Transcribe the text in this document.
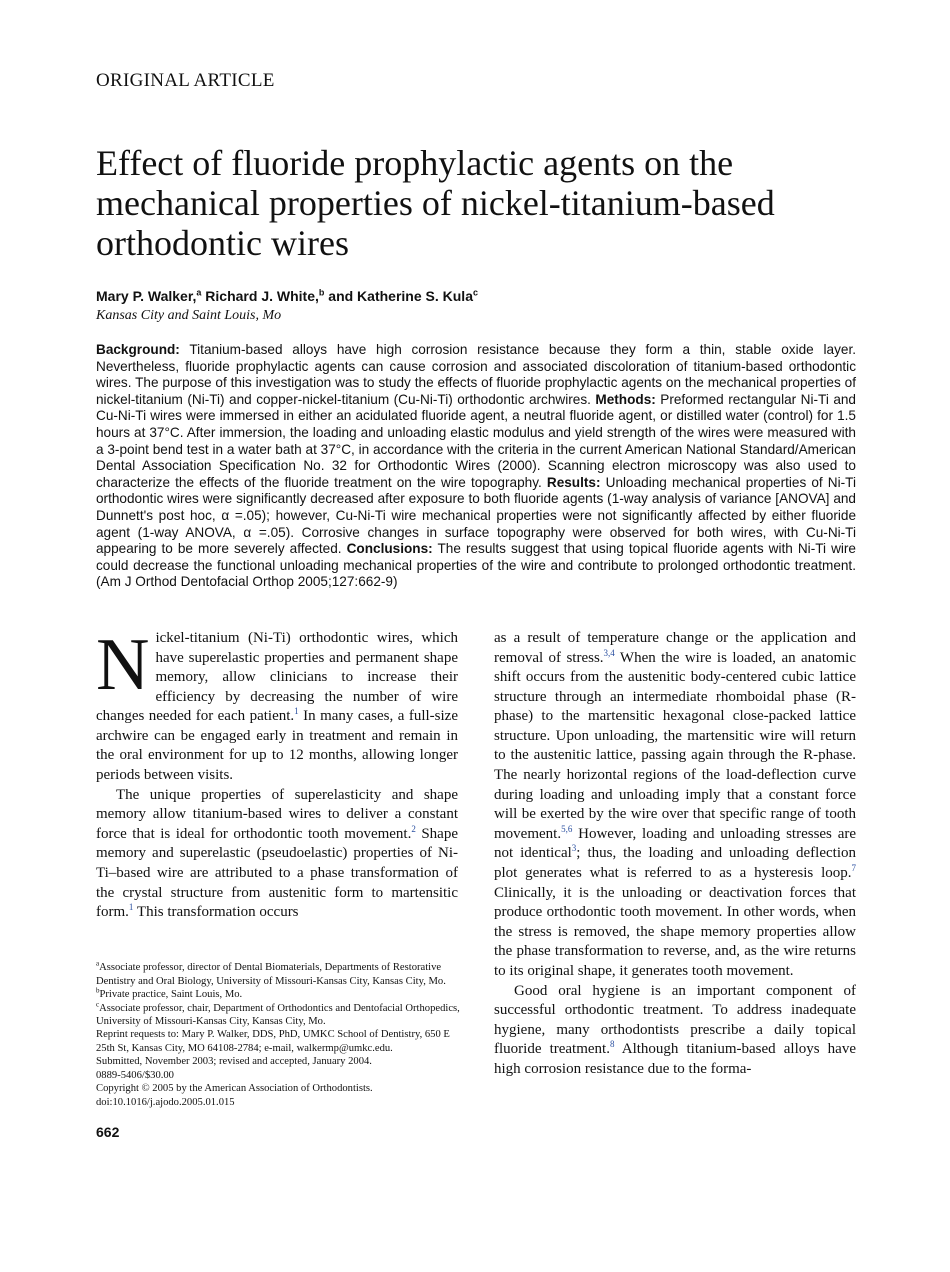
ORIGINAL ARTICLE
Effect of fluoride prophylactic agents on the mechanical properties of nickel-titanium-based orthodontic wires
Mary P. Walker,$^a$ Richard J. White,$^b$ and Katherine S. Kula$^c$
Kansas City and Saint Louis, Mo

Background: Titanium-based alloys have high corrosion resistance because they form a thin, stable oxide layer. Nevertheless, fluoride prophylactic agents can cause corrosion and associated discoloration of titanium-based orthodontic wires. The purpose of this investigation was to study the effects of fluoride prophylactic agents on the mechanical properties of nickel-titanium (Ni-Ti) and copper-nickel-titanium (Cu-Ni-Ti) orthodontic archwires. Methods: Preformed rectangular Ni-Ti and Cu-Ni-Ti wires were immersed in either an acidulated fluoride agent, a neutral fluoride agent, or distilled water (control) for 1.5 hours at 37°C. After immersion, the loading and unloading elastic modulus and yield strength of the wires were measured with a 3-point bend test in a water bath at 37°C, in accordance with the criteria in the current American National Standard/American Dental Association Specification No. 32 for Orthodontic Wires (2000). Scanning electron microscopy was also used to characterize the effects of the fluoride treatment on the wire topography. Results: Unloading mechanical properties of Ni-Ti orthodontic wires were significantly decreased after exposure to both fluoride agents (1-way analysis of variance [ANOVA] and Dunnett's post hoc, α =.05); however, Cu-Ni-Ti wire mechanical properties were not significantly affected by either fluoride agent (1-way ANOVA, α =.05). Corrosive changes in surface topography were observed for both wires, with Cu-Ni-Ti appearing to be more severely affected. Conclusions: The results suggest that using topical fluoride agents with Ni-Ti wire could decrease the functional unloading mechanical properties of the wire and contribute to prolonged orthodontic treatment. (Am J Orthod Dentofacial Orthop 2005;127:662-9)

Nickel-titanium (Ni-Ti) orthodontic wires, which have superelastic properties and permanent shape memory, allow clinicians to increase their efficiency by decreasing the number of wire changes needed for each patient.$^1$ In many cases, a full-size archwire can be engaged early in treatment and remain in the oral environment for up to 12 months, allowing longer periods between visits.

The unique properties of superelasticity and shape memory allow titanium-based wires to deliver a constant force that is ideal for orthodontic tooth movement.$^2$ Shape memory and superelastic (pseudoelastic) properties of Ni-Ti–based wire are attributed to a phase transformation of the crystal structure from austenitic form to martensitic form.$^1$ This transformation occurs

$^a$Associate professor, director of Dental Biomaterials, Departments of Restorative Dentistry and Oral Biology, University of Missouri-Kansas City, Kansas City, Mo.
$^b$Private practice, Saint Louis, Mo.
$^c$Associate professor, chair, Department of Orthodontics and Dentofacial Orthopedics, University of Missouri-Kansas City, Kansas City, Mo.
Reprint requests to: Mary P. Walker, DDS, PhD, UMKC School of Dentistry, 650 E 25th St, Kansas City, MO 64108-2784; e-mail, walkermp@umkc.edu.
Submitted, November 2003; revised and accepted, January 2004.
0889-5406/$30.00
Copyright © 2005 by the American Association of Orthodontists.
doi:10.1016/j.ajodo.2005.01.015

as a result of temperature change or the application and removal of stress.$^{3,4}$ When the wire is loaded, an anatomic shift occurs from the austenitic body-centered cubic lattice structure through an intermediate rhomboidal phase (R-phase) to the martensitic hexagonal close-packed lattice structure. Upon unloading, the martensitic wire will return to the austenitic lattice, passing again through the R-phase. The nearly horizontal regions of the load-deflection curve during loading and unloading imply that a constant force will be exerted by the wire over that specific range of tooth movement.$^{5,6}$ However, loading and unloading stresses are not identical$^3$; thus, the loading and unloading deflection plot generates what is referred to as a hysteresis loop.$^7$ Clinically, it is the unloading or deactivation forces that produce orthodontic tooth movement. In other words, when the stress is removed, the shape memory properties allow the phase transformation to reverse, and, as the wire returns to its original shape, it generates tooth movement.

Good oral hygiene is an important component of successful orthodontic treatment. To address inadequate hygiene, many orthodontists prescribe a daily topical fluoride treatment.$^8$ Although titanium-based alloys have high corrosion resistance due to the forma-

662
